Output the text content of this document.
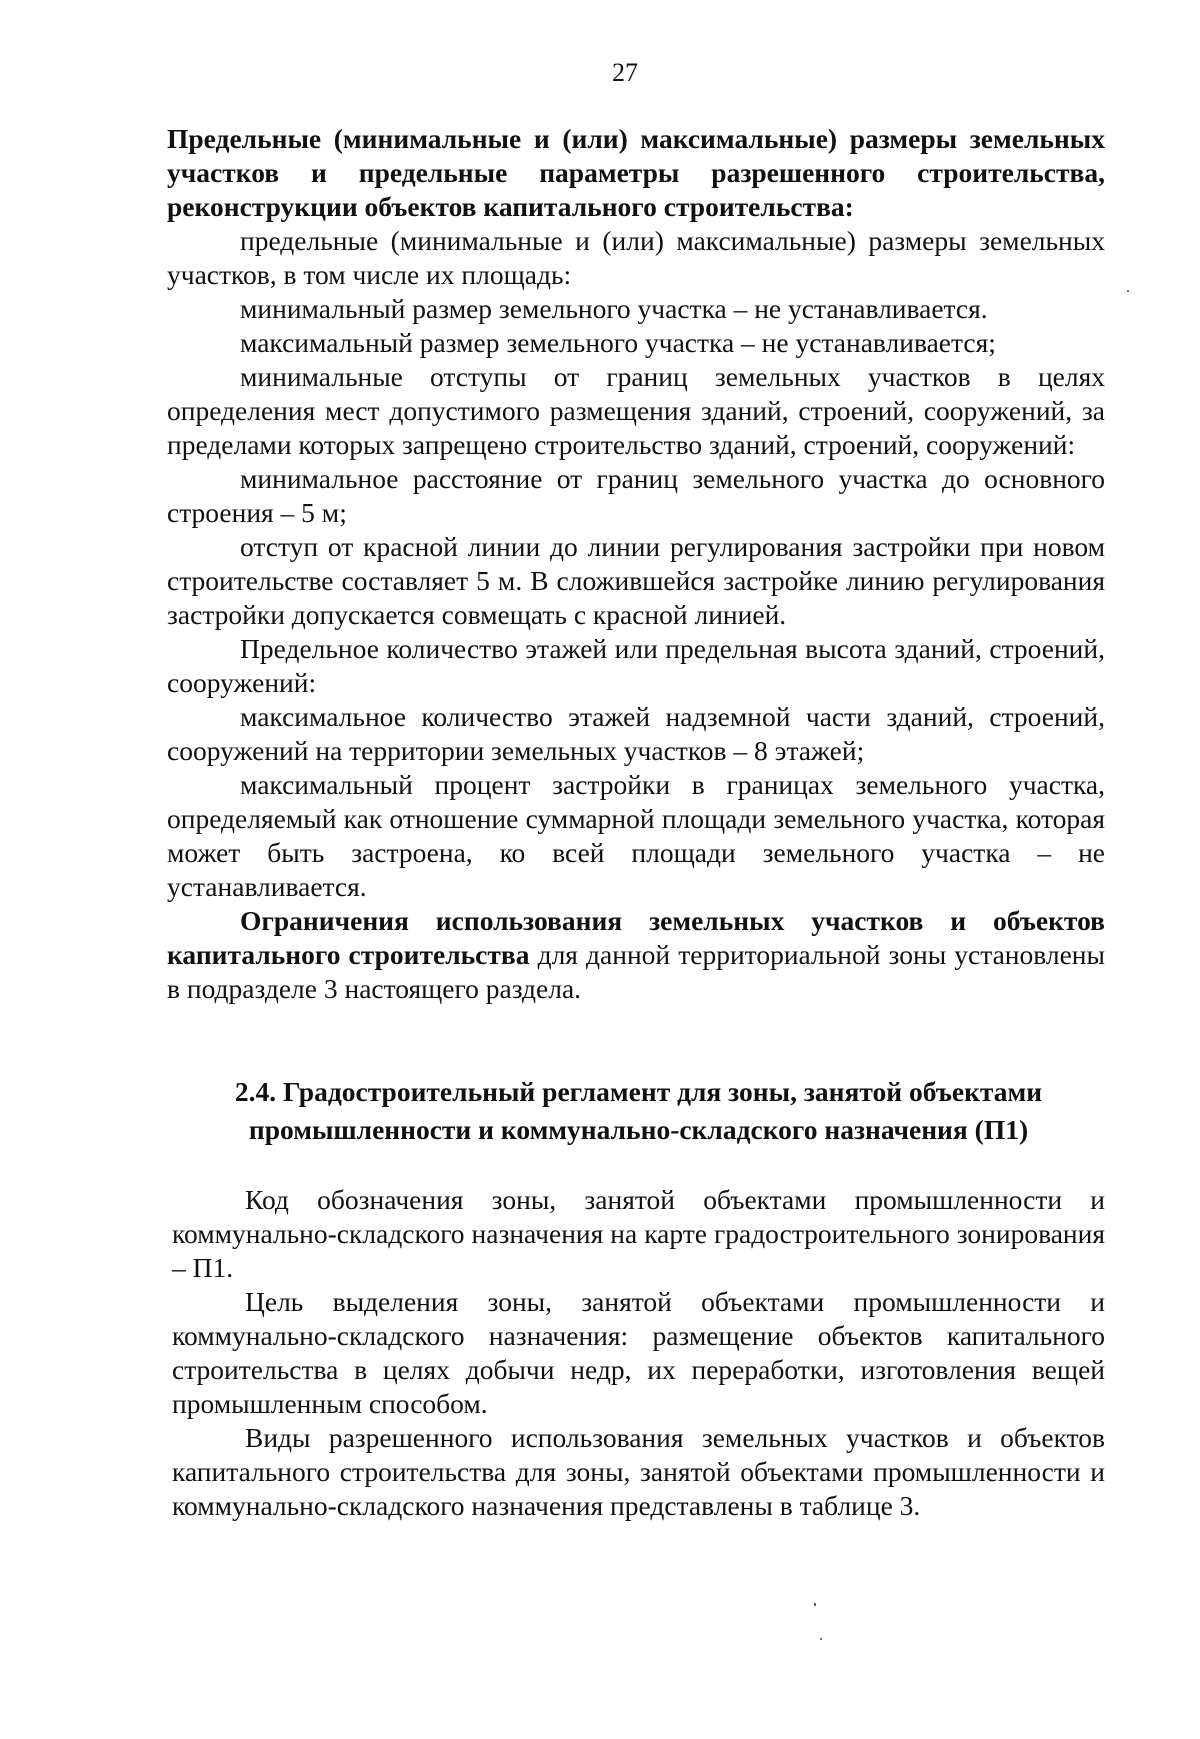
27

Предельные (минимальные и (или) максимальные) размеры земельных участков и предельные параметры разрешенного строительства, реконструкции объектов капитального строительства:

предельные (минимальные и (или) максимальные) размеры земельных участков, в том числе их площадь:

минимальный размер земельного участка – не устанавливается.

максимальный размер земельного участка – не устанавливается;

минимальные отступы от границ земельных участков в целях определения мест допустимого размещения зданий, строений, сооружений, за пределами которых запрещено строительство зданий, строений, сооружений:

минимальное расстояние от границ земельного участка до основного строения – 5 м;

отступ от красной линии до линии регулирования застройки при новом строительстве составляет 5 м. В сложившейся застройке линию регулирования застройки допускается совмещать с красной линией.

Предельное количество этажей или предельная высота зданий, строений, сооружений:

максимальное количество этажей надземной части зданий, строений, сооружений на территории земельных участков – 8 этажей;

максимальный процент застройки в границах земельного участка, определяемый как отношение суммарной площади земельного участка, которая может быть застроена, ко всей площади земельного участка – не устанавливается.

Ограничения использования земельных участков и объектов капитального строительства для данной территориальной зоны установлены в подразделе 3 настоящего раздела.

2.4. Градостроительный регламент для зоны, занятой объектами
промышленности и коммунально-складского назначения (П1)

Код обозначения зоны, занятой объектами промышленности и коммунально-складского назначения на карте градостроительного зонирования – П1.

Цель выделения зоны, занятой объектами промышленности и коммунально-складского назначения: размещение объектов капитального строительства в целях добычи недр, их переработки, изготовления вещей промышленным способом.

Виды разрешенного использования земельных участков и объектов капитального строительства для зоны, занятой объектами промышленности и коммунально-складского назначения представлены в таблице 3.
